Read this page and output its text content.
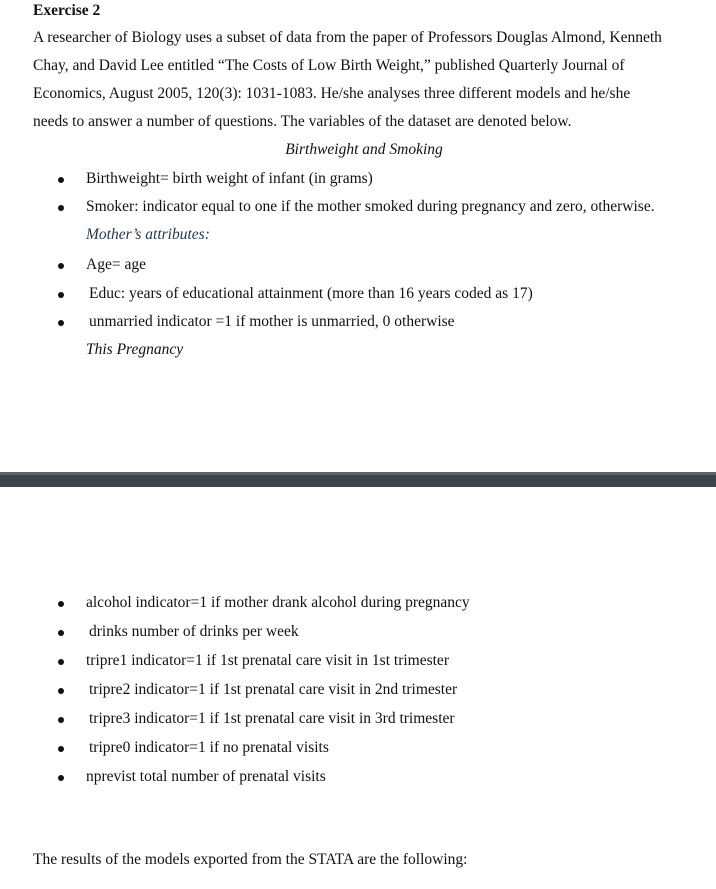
Exercise 2
A researcher of Biology uses a subset of data from the paper of Professors Douglas Almond, Kenneth
Chay, and David Lee entitled “The Costs of Low Birth Weight,” published Quarterly Journal of
Economics, August 2005, 120(3): 1031-1083. He/she analyses three different models and he/she
needs to answer a number of questions. The variables of the dataset are denoted below.
Birthweight and Smoking
Birthweight= birth weight of infant (in grams)
Smoker: indicator equal to one if the mother smoked during pregnancy and zero, otherwise.
Mother’s attributes:
Age= age
Educ: years of educational attainment (more than 16 years coded as 17)
unmarried indicator =1 if mother is unmarried, 0 otherwise
This Pregnancy
alcohol indicator=1 if mother drank alcohol during pregnancy
drinks number of drinks per week
tripre1 indicator=1 if 1st prenatal care visit in 1st trimester
tripre2 indicator=1 if 1st prenatal care visit in 2nd trimester
tripre3 indicator=1 if 1st prenatal care visit in 3rd trimester
tripre0 indicator=1 if no prenatal visits
nprevist total number of prenatal visits
The results of the models exported from the STATA are the following:
